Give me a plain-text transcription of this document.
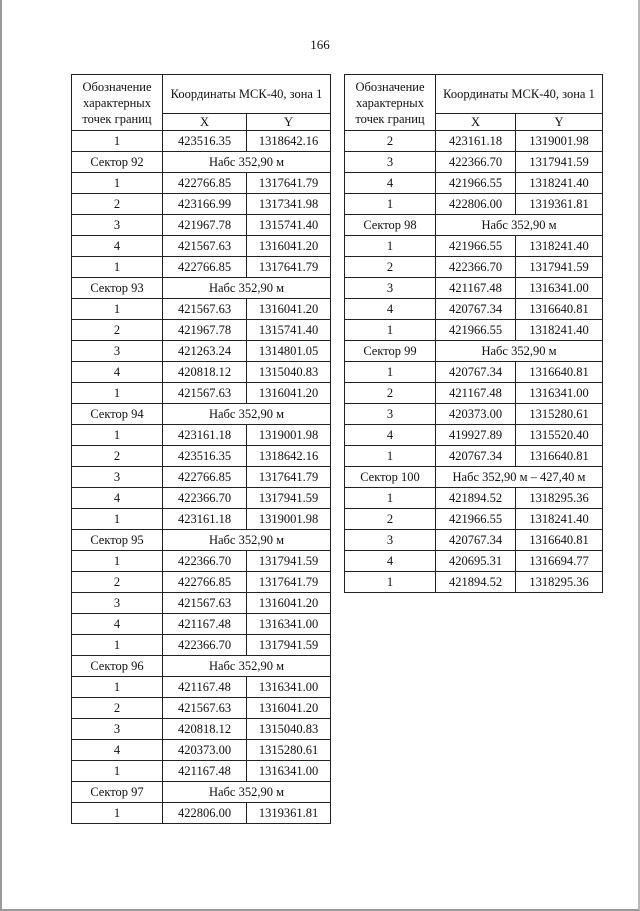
166
Обозначение характерных точек границ	Координаты МСК-40, зона 1	
	X	Y
1	423516.35	1318642.16
Сектор 92	Набс 352,90 м	
1	422766.85	1317641.79
2	423166.99	1317341.98
3	421967.78	1315741.40
4	421567.63	1316041.20
1	422766.85	1317641.79
Сектор 93	Набс 352,90 м	
1	421567.63	1316041.20
2	421967.78	1315741.40
3	421263.24	1314801.05
4	420818.12	1315040.83
1	421567.63	1316041.20
Сектор 94	Набс 352,90 м	
1	423161.18	1319001.98
2	423516.35	1318642.16
3	422766.85	1317641.79
4	422366.70	1317941.59
1	423161.18	1319001.98
Сектор 95	Набс 352,90 м	
1	422366.70	1317941.59
2	422766.85	1317641.79
3	421567.63	1316041.20
4	421167.48	1316341.00
1	422366.70	1317941.59
Сектор 96	Набс 352,90 м	
1	421167.48	1316341.00
2	421567.63	1316041.20
3	420818.12	1315040.83
4	420373.00	1315280.61
1	421167.48	1316341.00
Сектор 97	Набс 352,90 м	
1	422806.00	1319361.81
Обозначение характерных точек границ	Координаты МСК-40, зона 1	
	X	Y
2	423161.18	1319001.98
3	422366.70	1317941.59
4	421966.55	1318241.40
1	422806.00	1319361.81
Сектор 98	Набс 352,90 м	
1	421966.55	1318241.40
2	422366.70	1317941.59
3	421167.48	1316341.00
4	420767.34	1316640.81
1	421966.55	1318241.40
Сектор 99	Набс 352,90 м	
1	420767.34	1316640.81
2	421167.48	1316341.00
3	420373.00	1315280.61
4	419927.89	1315520.40
1	420767.34	1316640.81
Сектор 100	Набс 352,90 м – 427,40 м	
1	421894.52	1318295.36
2	421966.55	1318241.40
3	420767.34	1316640.81
4	420695.31	1316694.77
1	421894.52	1318295.36
